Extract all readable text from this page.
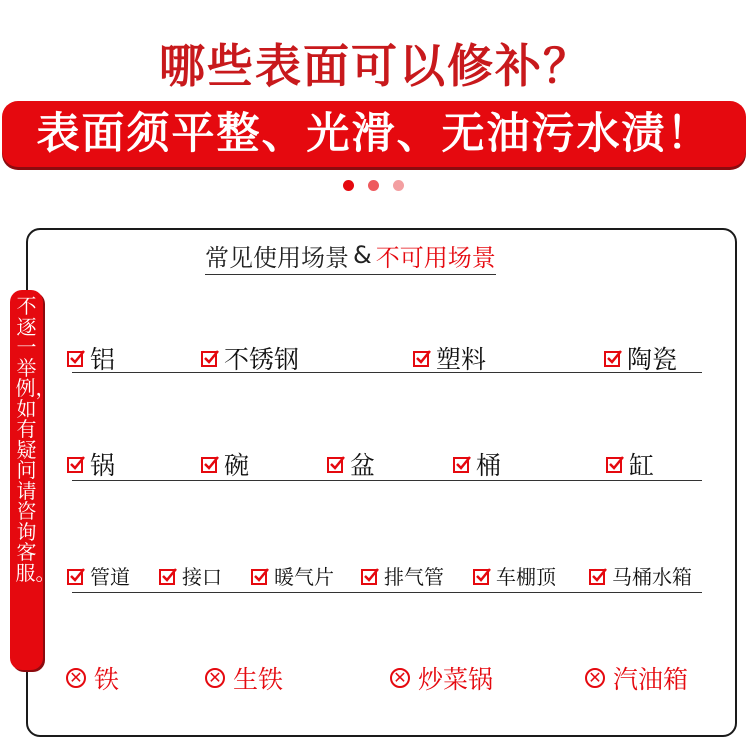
哪些表面可以修补？
表面须平整、光滑、无油污水渍！
常见使用场景 & 不可用场景
不逐一举例，如有疑问请咨询客服。
铝	不锈钢	塑料	陶瓷
锅	碗	盆	桶	缸
管道	接口	暖气片	排气管	车棚顶	马桶水箱
✕ 铁	✕ 生铁	✕ 炒菜锅	✕ 汽油箱
